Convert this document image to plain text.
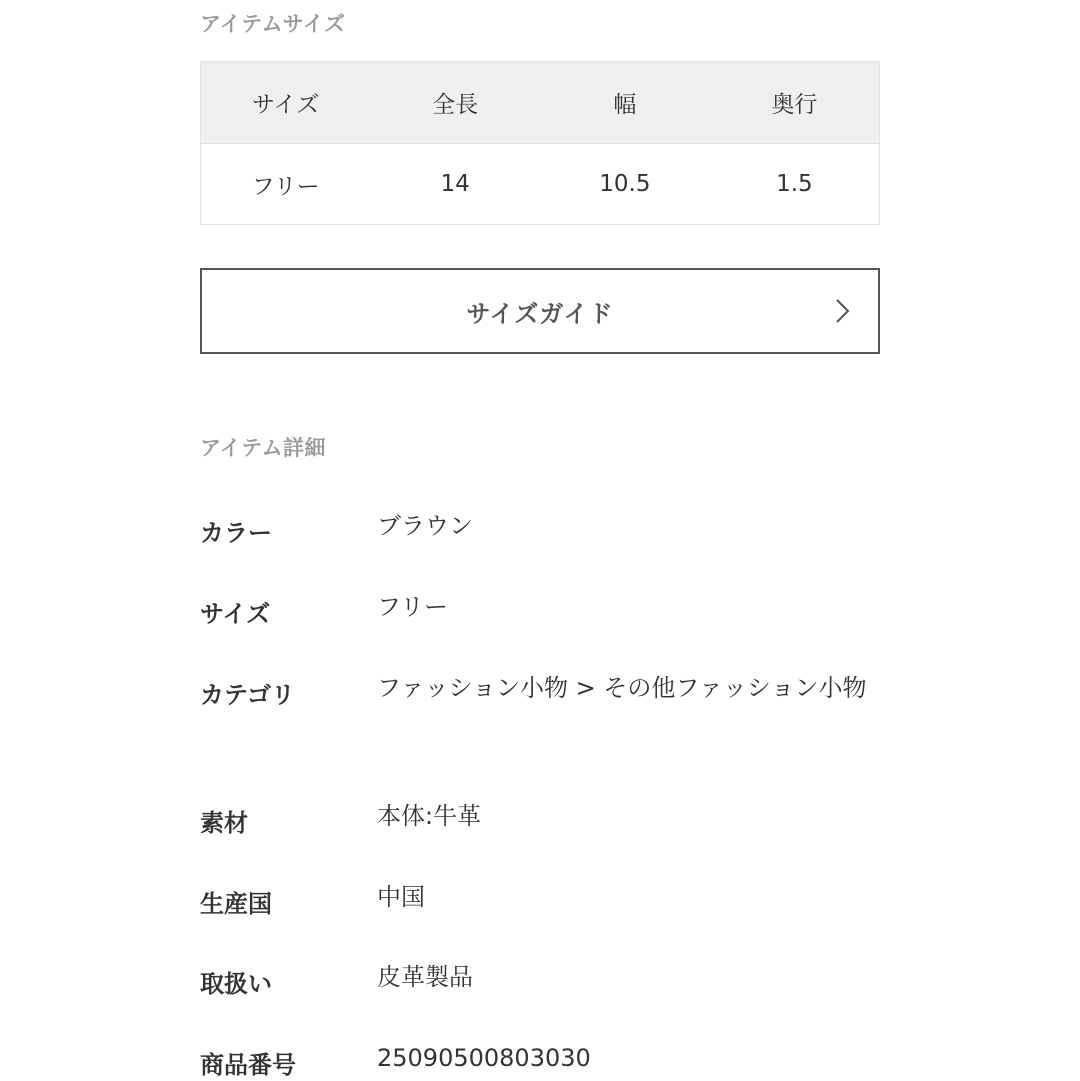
アイテムサイズ
サイズ	全長	幅	奥行
フリー	14	10.5	1.5
サイズガイド
アイテム詳細
カラー	ブラウン
サイズ	フリー
カテゴリ	ファッション小物 > その他ファッション小物
素材	本体:牛革
生産国	中国
取扱い	皮革製品
商品番号	25090500803030
